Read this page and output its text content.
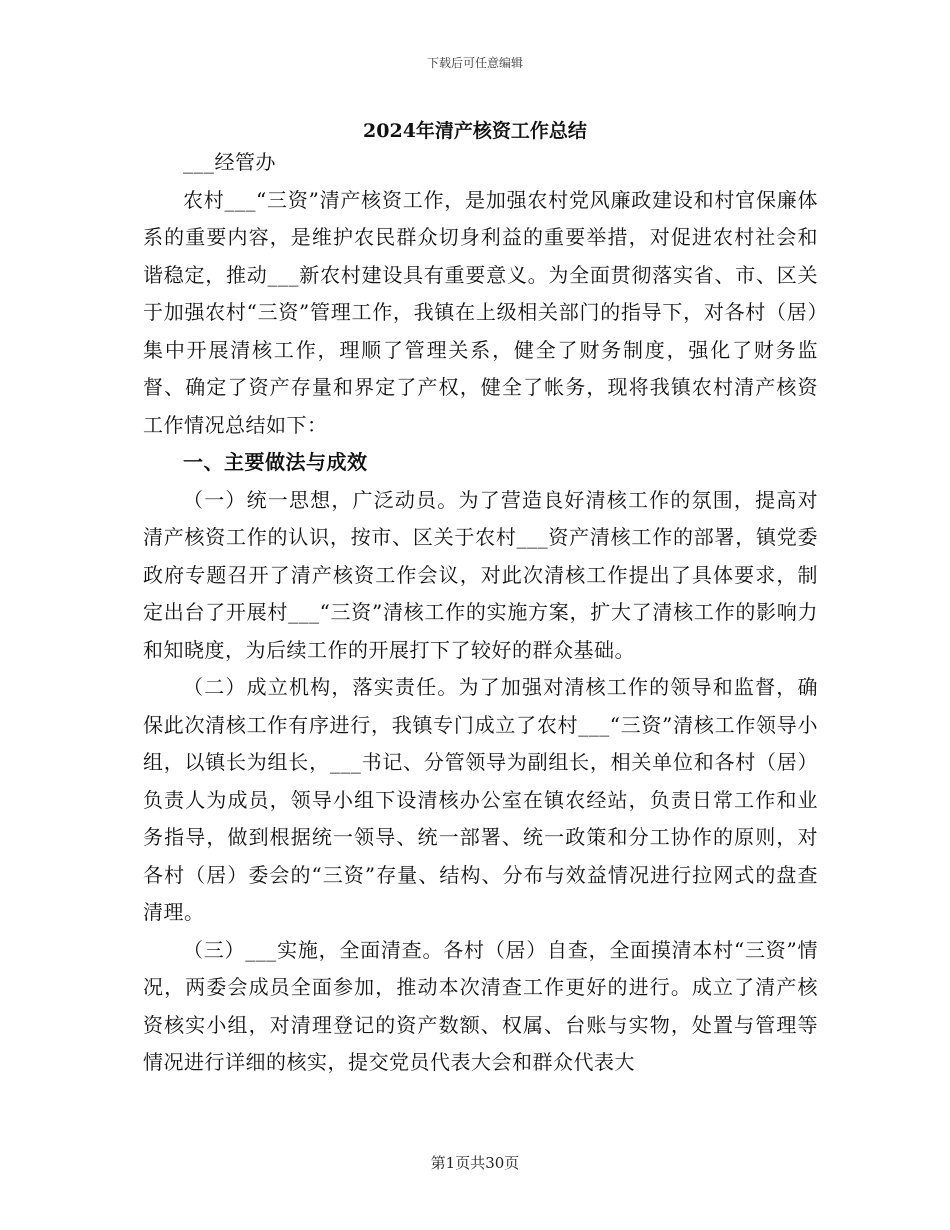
下载后可任意编辑
2024年清产核资工作总结

___经管办

农村___“三资”清产核资工作，是加强农村党风廉政建设和村官保廉体系的重要内容，是维护农民群众切身利益的重要举措，对促进农村社会和谐稳定，推动___新农村建设具有重要意义。为全面贯彻落实省、市、区关于加强农村“三资”管理工作，我镇在上级相关部门的指导下，对各村（居）集中开展清核工作，理顺了管理关系，健全了财务制度，强化了财务监督、确定了资产存量和界定了产权，健全了帐务，现将我镇农村清产核资工作情况总结如下：

一、主要做法与成效

（一）统一思想，广泛动员。为了营造良好清核工作的氛围，提高对清产核资工作的认识，按市、区关于农村___资产清核工作的部署，镇党委政府专题召开了清产核资工作会议，对此次清核工作提出了具体要求，制定出台了开展村___“三资”清核工作的实施方案，扩大了清核工作的影响力和知晓度，为后续工作的开展打下了较好的群众基础。

（二）成立机构，落实责任。为了加强对清核工作的领导和监督，确保此次清核工作有序进行，我镇专门成立了农村___“三资”清核工作领导小组，以镇长为组长，___书记、分管领导为副组长，相关单位和各村（居）负责人为成员，领导小组下设清核办公室在镇农经站，负责日常工作和业务指导，做到根据统一领导、统一部署、统一政策和分工协作的原则，对各村（居）委会的“三资”存量、结构、分布与效益情况进行拉网式的盘查清理。

（三）___实施，全面清查。各村（居）自查，全面摸清本村“三资”情况，两委会成员全面参加，推动本次清查工作更好的进行。成立了清产核资核实小组，对清理登记的资产数额、权属、台账与实物，处置与管理等情况进行详细的核实，提交党员代表大会和群众代表大

第1页共30页
